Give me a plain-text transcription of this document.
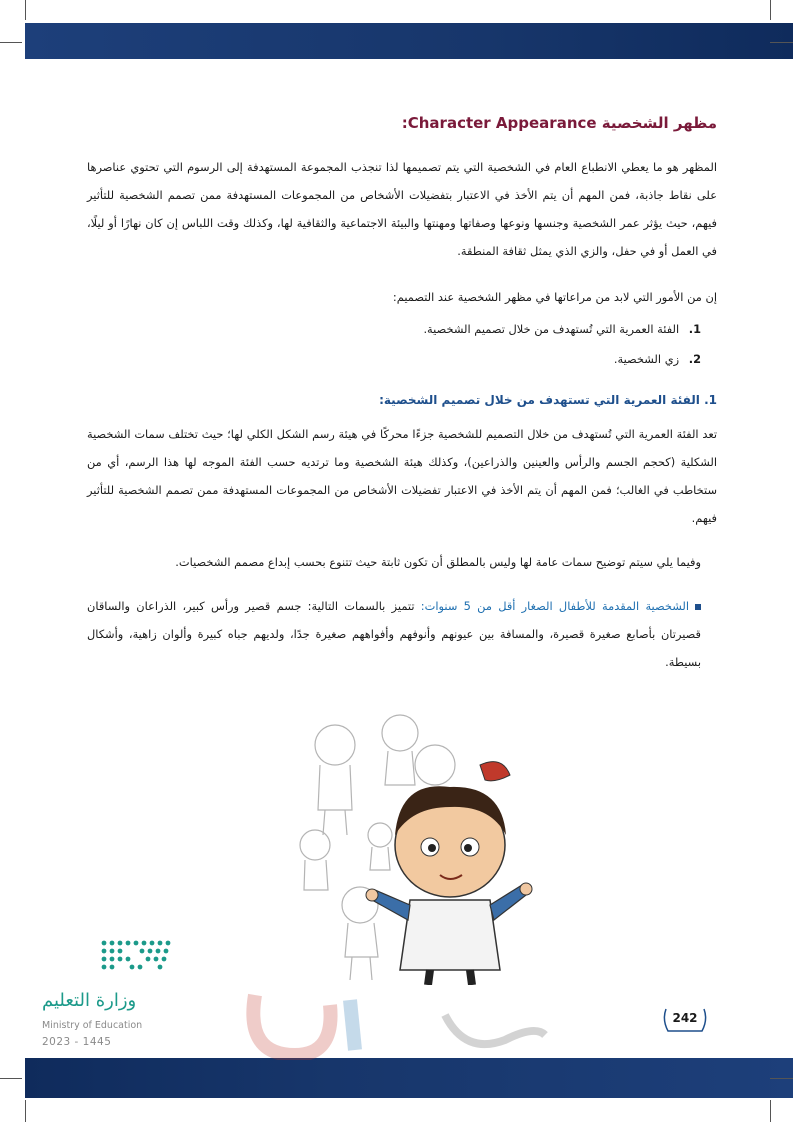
مظهر الشخصية Character Appearance:
المظهر هو ما يعطي الانطباع العام في الشخصية التي يتم تصميمها لذا تنجذب المجموعة المستهدفة إلى الرسوم التي تحتوي عناصرها على نقاط جاذبة، فمن المهم أن يتم الأخذ في الاعتبار بتفضيلات الأشخاص من المجموعات المستهدفة ممن تصمم الشخصية للتأثير فيهم، حيث يؤثر عمر الشخصية وجنسها ونوعها وصفاتها ومهنتها والبيئة الاجتماعية والثقافية لها، وكذلك وقت اللباس إن كان نهارًا أو ليلًا، في العمل أو في حفل، والزي الذي يمثل ثقافة المنطقة.
إن من الأمور التي لابد من مراعاتها في مظهر الشخصية عند التصميم:
1. الفئة العمرية التي تُستهدف من خلال تصميم الشخصية.
2. زي الشخصية.
1. الفئة العمرية التي تستهدف من خلال تصميم الشخصية:
تعد الفئة العمرية التي تُستهدف من خلال التصميم للشخصية جزءًا محركًا في هيئة رسم الشكل الكلي لها؛ حيث تختلف سمات الشخصية الشكلية (كحجم الجسم والرأس والعينين والذراعين)، وكذلك هيئة الشخصية وما ترتديه حسب الفئة الموجه لها هذا الرسم، أي من ستخاطب في الغالب؛ فمن المهم أن يتم الأخذ في الاعتبار تفضيلات الأشخاص من المجموعات المستهدفة ممن تصمم الشخصية للتأثير فيهم.
وفيما يلي سيتم توضيح سمات عامة لها وليس بالمطلق أن تكون ثابتة حيث تتنوع بحسب إبداع مصمم الشخصيات.
الشخصية المقدمة للأطفال الصغار أقل من 5 سنوات: تتميز بالسمات التالية: جسم قصير ورأس كبير، الذراعان والساقان قصيرتان بأصابع صغيرة قصيرة، والمسافة بين عيونهم وأنوفهم وأفواههم صغيرة جدًا، ولديهم جباه كبيرة وألوان زاهية، وأشكال بسيطة.
وزارة التعليم
Ministry of Education
2023 - 1445
242
